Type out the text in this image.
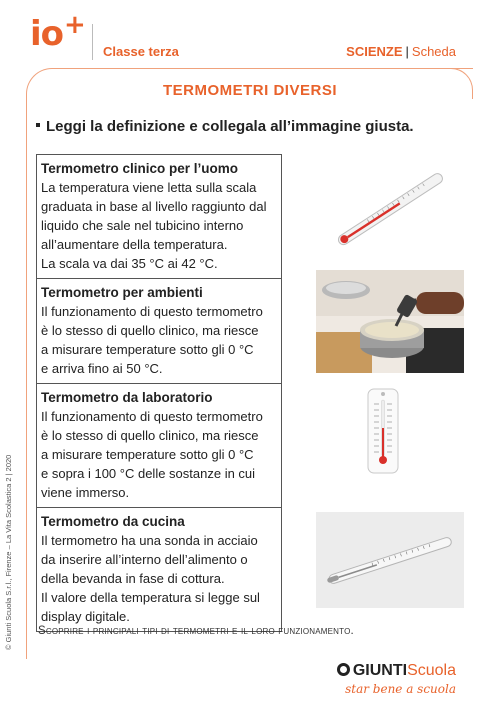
io+
Classe terza	SCIENZE | Scheda
TERMOMETRI DIVERSI
Leggi la definizione e collegala all’immagine giusta.
Termometro clinico per l’uomo
La temperatura viene letta sulla scala
graduata in base al livello raggiunto dal
liquido che sale nel tubicino interno
all’aumentare della temperatura.
La scala va dai 35 °C ai 42 °C.
Termometro per ambienti
Il funzionamento di questo termometro
è lo stesso di quello clinico, ma riesce
a misurare temperature sotto gli 0 °C
e arriva fino ai 50 °C.
Termometro da laboratorio
Il funzionamento di questo termometro
è lo stesso di quello clinico, ma riesce
a misurare temperature sotto gli 0 °C
e sopra i 100 °C delle sostanze in cui
viene immerso.
Termometro da cucina
Il termometro ha una sonda in acciaio
da inserire all’interno dell’alimento o
della bevanda in fase di cottura.
Il valore della temperatura si legge sul
display digitale.
Scoprire i principali tipi di termometri e il loro funzionamento.
© Giunti Scuola S.r.l., Firenze – La Vita Scolastica 2 | 2020
GIUNTIScuola
star bene a scuola
